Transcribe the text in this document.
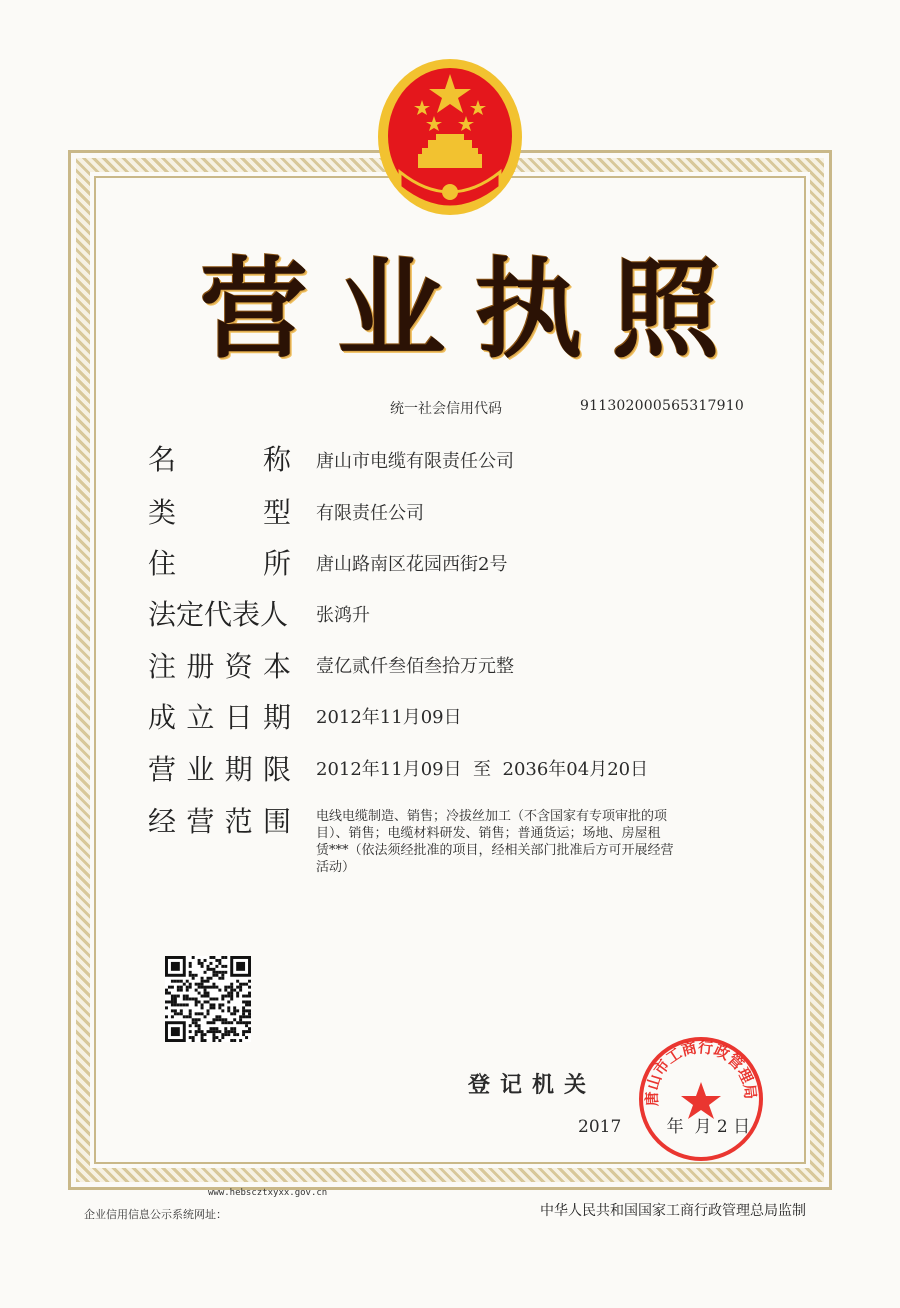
营 业 执 照
统一社会信用代码	911302000565317910
名	称 唐山市电缆有限责任公司
类	型 有限责任公司
住	所 唐山路南区花园西街2号
法定代表人 张鸿升
注 册 资 本 壹亿贰仟叁佰叁拾万元整
成 立 日 期 2012年11月09日
营 业 期 限 2012年11月09日  至  2036年04月20日
经 营 范 围 电线电缆制造、销售；冷拔丝加工（不含国家有专项审批的项
目）、销售；电缆材料研发、销售；普通货运；场地、房屋租
赁***（依法须经批准的项目，经相关部门批准后方可开展经营
活动）
登记机关
2017	年  月 2 日
唐山市工商行政管理局
www.hebscztxyxx.gov.cn
企业信用信息公示系统网址：	中华人民共和国国家工商行政管理总局监制
